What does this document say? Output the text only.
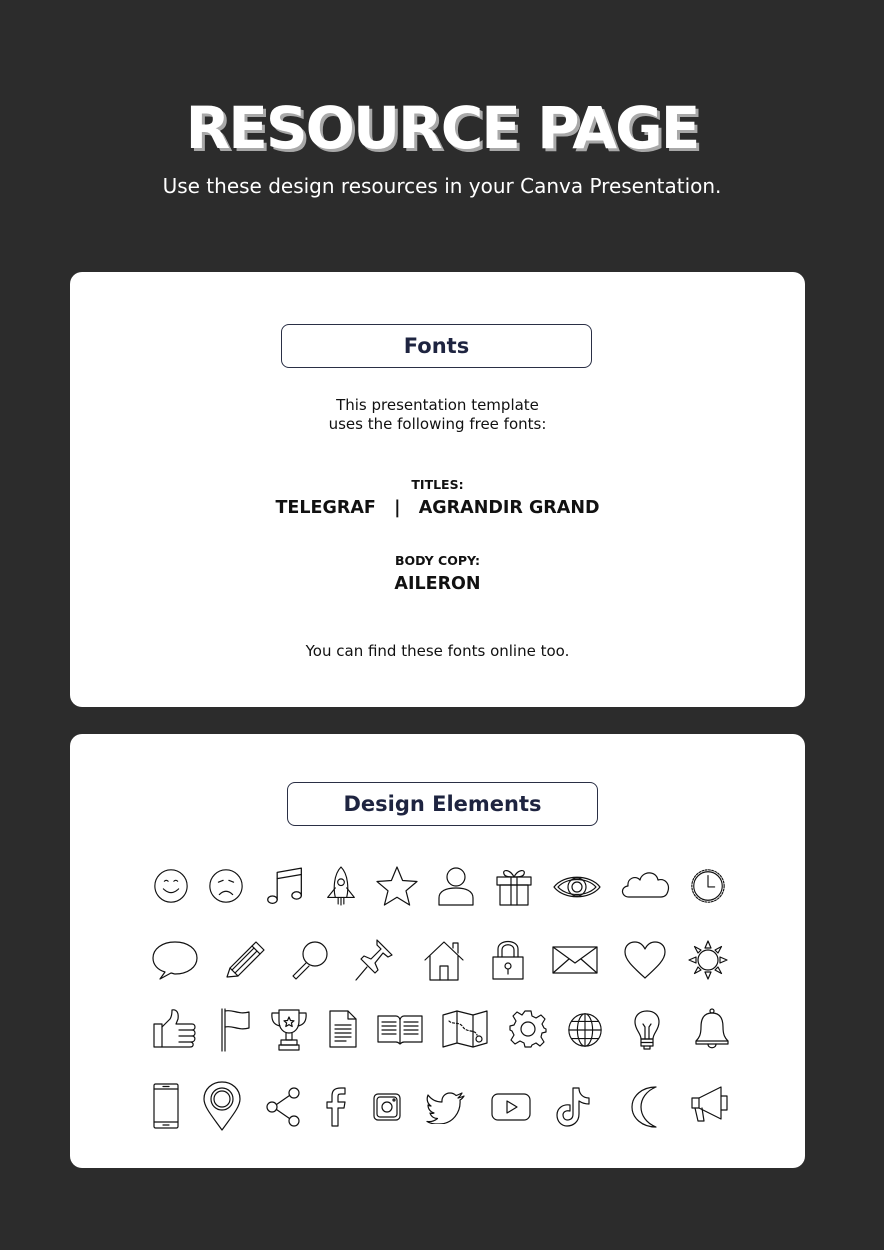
RESOURCE PAGE

Use these design resources in your Canva Presentation.

Fonts
This presentation template
uses the following free fonts:
TITLES:
TELEGRAF   |   AGRANDIR GRAND
BODY COPY:
AILERON
You can find these fonts online too.
Design Elements
